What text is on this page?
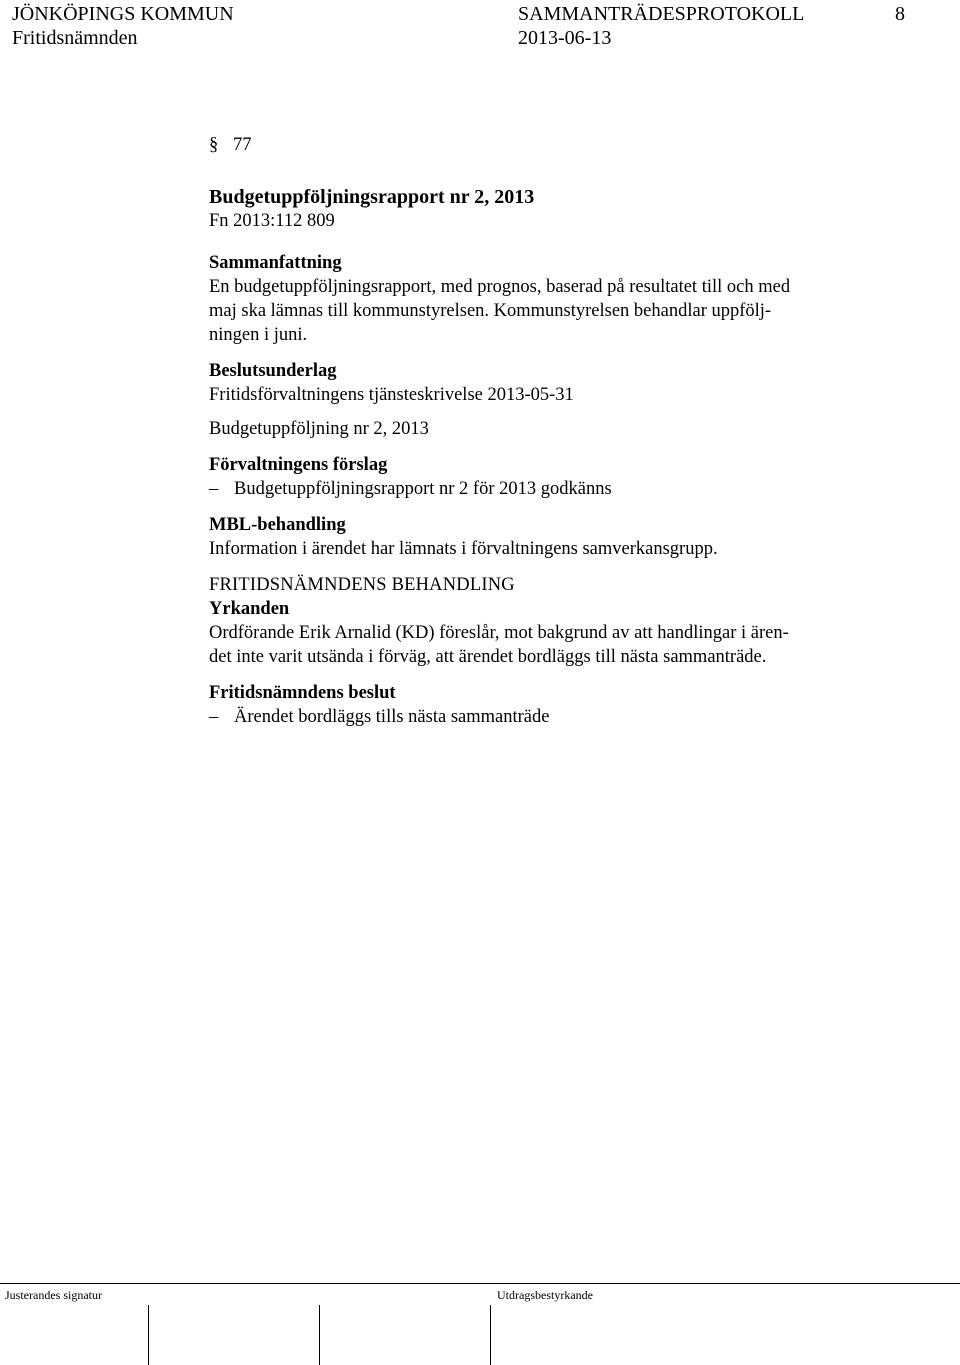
JÖNKÖPINGS KOMMUN
Fritidsnämnden
SAMMANTRÄDESPROTOKOLL
2013-06-13
8

§ 77

Budgetuppföljningsrapport nr 2, 2013

Fn 2013:112 809

Sammanfattning

En budgetuppföljningsrapport, med prognos, baserad på resultatet till och med

maj ska lämnas till kommunstyrelsen. Kommunstyrelsen behandlar uppfölj-

ningen i juni.

Beslutsunderlag

Fritidsförvaltningens tjänsteskrivelse 2013-05-31

Budgetuppföljning nr 2, 2013

Förvaltningens förslag

– Budgetuppföljningsrapport nr 2 för 2013 godkänns

MBL-behandling

Information i ärendet har lämnats i förvaltningens samverkansgrupp.

FRITIDSNÄMNDENS BEHANDLING

Yrkanden

Ordförande Erik Arnalid (KD) föreslår, mot bakgrund av att handlingar i ären-

det inte varit utsända i förväg, att ärendet bordläggs till nästa sammanträde.

Fritidsnämndens beslut

– Ärendet bordläggs tills nästa sammanträde
Justerandes signatur	Utdragsbestyrkande
